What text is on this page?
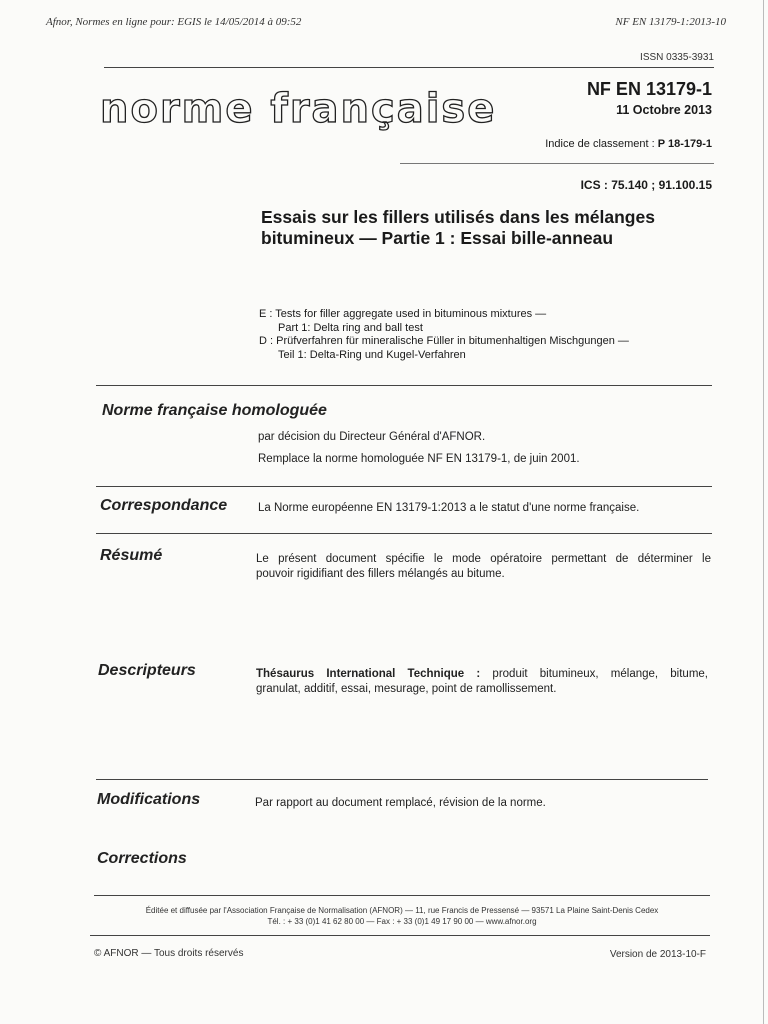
Afnor, Normes en ligne pour: EGIS le 14/05/2014 à 09:52	NF EN 13179-1:2013-10
ISSN 0335-3931
norme française	NF EN 13179-1
11 Octobre 2013
Indice de classement : P 18-179-1
ICS : 75.140 ; 91.100.15
Essais sur les fillers utilisés dans les mélanges
bitumineux — Partie 1 : Essai bille-anneau
E : Tests for filler aggregate used in bituminous mixtures —
Part 1: Delta ring and ball test
D : Prüfverfahren für mineralische Füller in bitumenhaltigen Mischgungen —
Teil 1: Delta-Ring und Kugel-Verfahren
Norme française homologuée
par décision du Directeur Général d'AFNOR.
Remplace la norme homologuée NF EN 13179-1, de juin 2001.
Correspondance	La Norme européenne EN 13179-1:2013 a le statut d'une norme française.
Résumé	Le présent document spécifie le mode opératoire permettant de déterminer le
pouvoir rigidifiant des fillers mélangés au bitume.
Descripteurs	Thésaurus International Technique : produit bitumineux, mélange, bitume,
granulat, additif, essai, mesurage, point de ramollissement.
Modifications	Par rapport au document remplacé, révision de la norme.
Corrections
Éditée et diffusée par l'Association Française de Normalisation (AFNOR) — 11, rue Francis de Pressensé — 93571 La Plaine Saint-Denis Cedex
Tél. : + 33 (0)1 41 62 80 00 — Fax : + 33 (0)1 49 17 90 00 — www.afnor.org
© AFNOR — Tous droits réservés	Version de 2013-10-F
